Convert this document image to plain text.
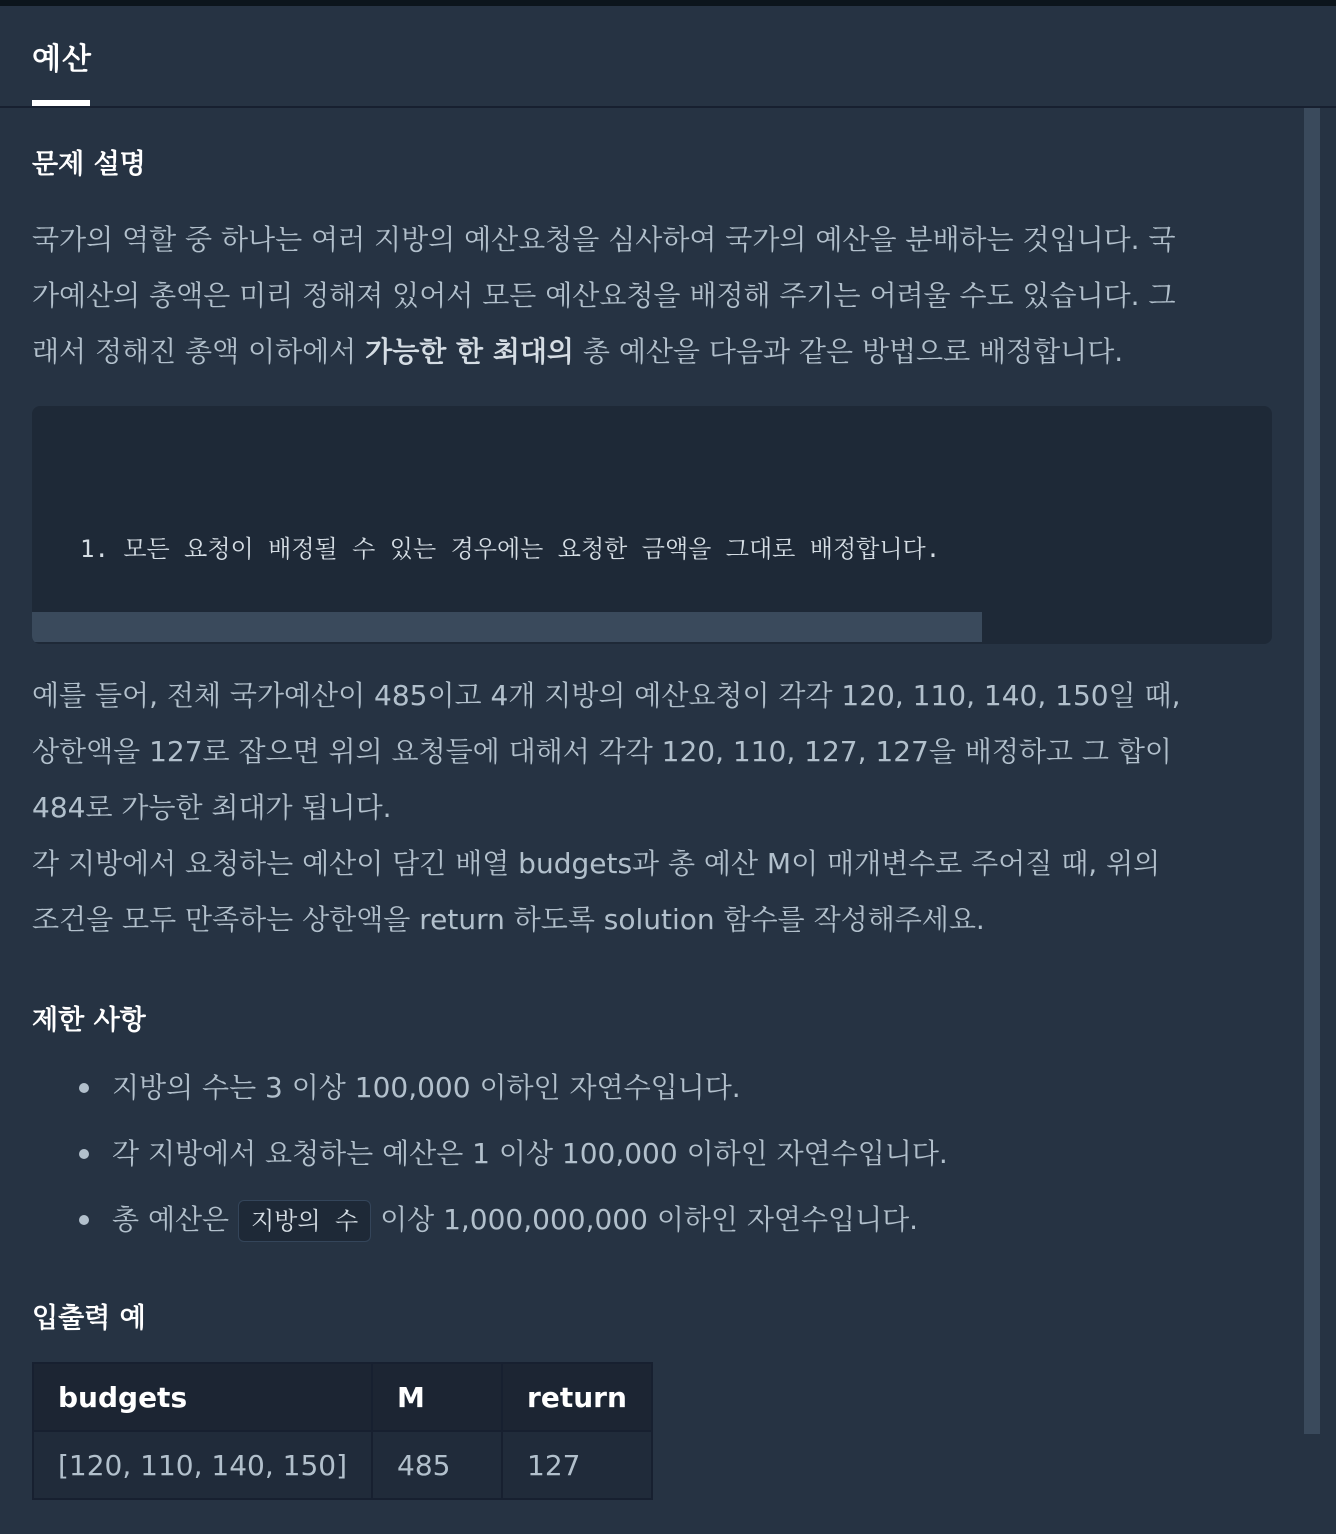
예산
문제 설명
국가의 역할 중 하나는 여러 지방의 예산요청을 심사하여 국가의 예산을 분배하는 것입니다. 국
가예산의 총액은 미리 정해져 있어서 모든 예산요청을 배정해 주기는 어려울 수도 있습니다. 그
래서 정해진 총액 이하에서 가능한 한 최대의 총 예산을 다음과 같은 방법으로 배정합니다.

1. 모든 요청이 배정될 수 있는 경우에는 요청한 금액을 그대로 배정합니다.

예를 들어, 전체 국가예산이 485이고 4개 지방의 예산요청이 각각 120, 110, 140, 150일 때,
상한액을 127로 잡으면 위의 요청들에 대해서 각각 120, 110, 127, 127을 배정하고 그 합이
484로 가능한 최대가 됩니다.
각 지방에서 요청하는 예산이 담긴 배열 budgets과 총 예산 M이 매개변수로 주어질 때, 위의
조건을 모두 만족하는 상한액을 return 하도록 solution 함수를 작성해주세요.
제한 사항
지방의 수는 3 이상 100,000 이하인 자연수입니다.
각 지방에서 요청하는 예산은 1 이상 100,000 이하인 자연수입니다.
총 예산은 지방의 수 이상 1,000,000,000 이하인 자연수입니다.
입출력 예
budgets	M	return
[120, 110, 140, 150]	485	127
